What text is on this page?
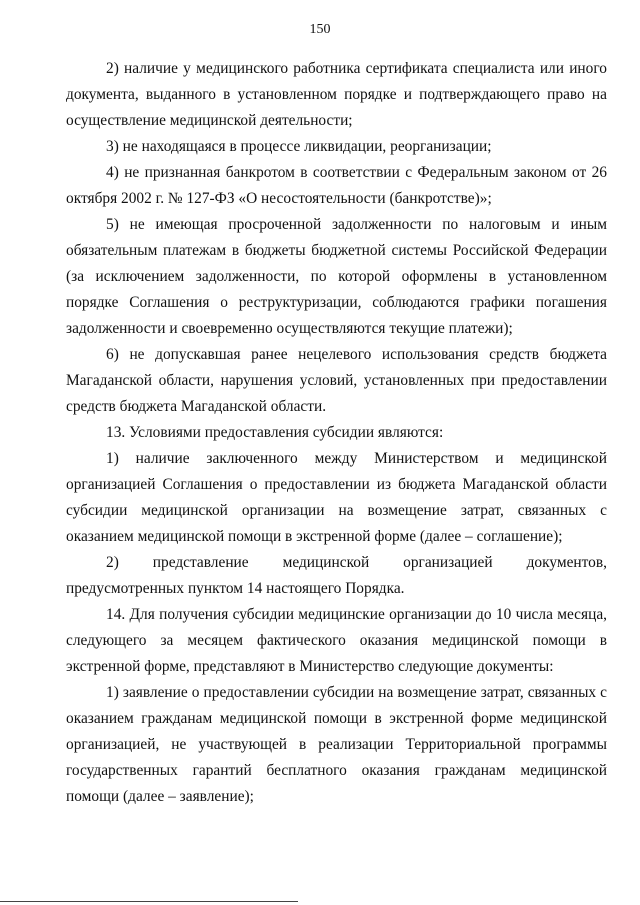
150

2) наличие у медицинского работника сертификата специалиста или иного документа, выданного в установленном порядке и подтверждающего право на осуществление медицинской деятельности;

3) не находящаяся в процессе ликвидации, реорганизации;

4) не признанная банкротом в соответствии с Федеральным законом от 26 октября 2002 г. № 127-ФЗ «О несостоятельности (банкротстве)»;

5) не имеющая просроченной задолженности по налоговым и иным обязательным платежам в бюджеты бюджетной системы Российской Федерации (за исключением задолженности, по которой оформлены в установленном порядке Соглашения о реструктуризации, соблюдаются графики погашения задолженности и своевременно осуществляются текущие платежи);

6) не допускавшая ранее нецелевого использования средств бюджета Магаданской области, нарушения условий, установленных при предоставлении средств бюджета Магаданской области.

13. Условиями предоставления субсидии являются:

1) наличие заключенного между Министерством и медицинской организацией Соглашения о предоставлении из бюджета Магаданской области субсидии медицинской организации на возмещение затрат, связанных с оказанием медицинской помощи в экстренной форме (далее – соглашение);

2) представление медицинской организацией документов, предусмотренных пунктом 14 настоящего Порядка.

14. Для получения субсидии медицинские организации до 10 числа месяца, следующего за месяцем фактического оказания медицинской помощи в экстренной форме, представляют в Министерство следующие документы:

1) заявление о предоставлении субсидии на возмещение затрат, связанных с оказанием гражданам медицинской помощи в экстренной форме медицинской организацией, не участвующей в реализации Территориальной программы государственных гарантий бесплатного оказания гражданам медицинской помощи (далее – заявление);
